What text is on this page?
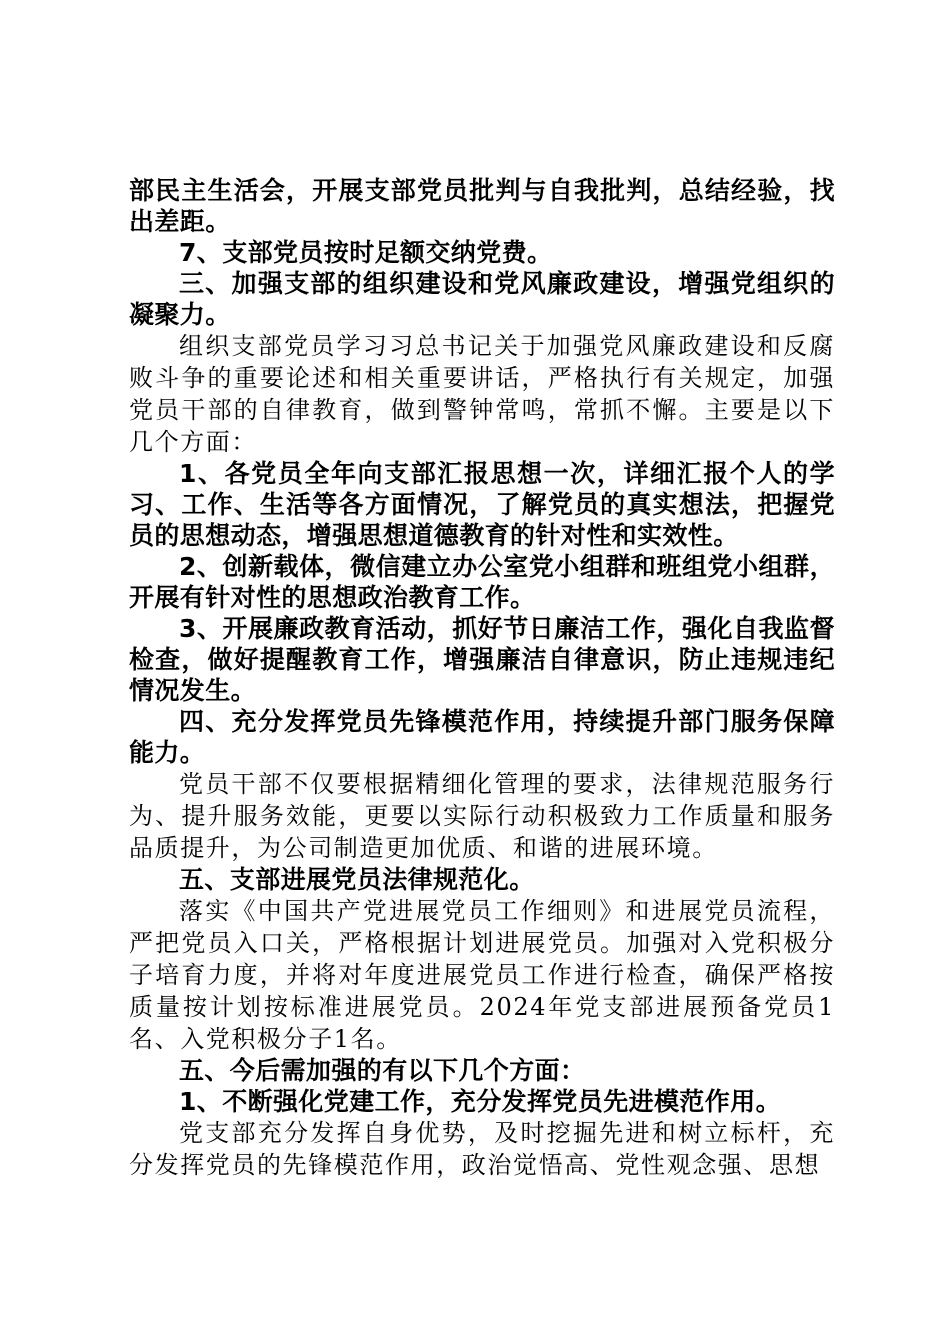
部民主生活会，开展支部党员批判与自我批判，总结经验，找出差距。

7、支部党员按时足额交纳党费。

三、加强支部的组织建设和党风廉政建设，增强党组织的凝聚力。

组织支部党员学习习总书记关于加强党风廉政建设和反腐败斗争的重要论述和相关重要讲话，严格执行有关规定，加强党员干部的自律教育，做到警钟常鸣，常抓不懈。主要是以下几个方面：

1、各党员全年向支部汇报思想一次，详细汇报个人的学习、工作、生活等各方面情况，了解党员的真实想法，把握党员的思想动态，增强思想道德教育的针对性和实效性。

2、创新载体，微信建立办公室党小组群和班组党小组群，开展有针对性的思想政治教育工作。

3、开展廉政教育活动，抓好节日廉洁工作，强化自我监督检查，做好提醒教育工作，增强廉洁自律意识，防止违规违纪情况发生。

四、充分发挥党员先锋模范作用，持续提升部门服务保障能力。

党员干部不仅要根据精细化管理的要求，法律规范服务行为、提升服务效能，更要以实际行动积极致力工作质量和服务品质提升，为公司制造更加优质、和谐的进展环境。

五、支部进展党员法律规范化。

落实《中国共产党进展党员工作细则》和进展党员流程，严把党员入口关，严格根据计划进展党员。加强对入党积极分子培育力度，并将对年度进展党员工作进行检查，确保严格按质量按计划按标准进展党员。2024年党支部进展预备党员1名、入党积极分子1名。

五、今后需加强的有以下几个方面：

1、不断强化党建工作，充分发挥党员先进模范作用。

党支部充分发挥自身优势，及时挖掘先进和树立标杆，充分发挥党员的先锋模范作用，政治觉悟高、党性观念强、思想
